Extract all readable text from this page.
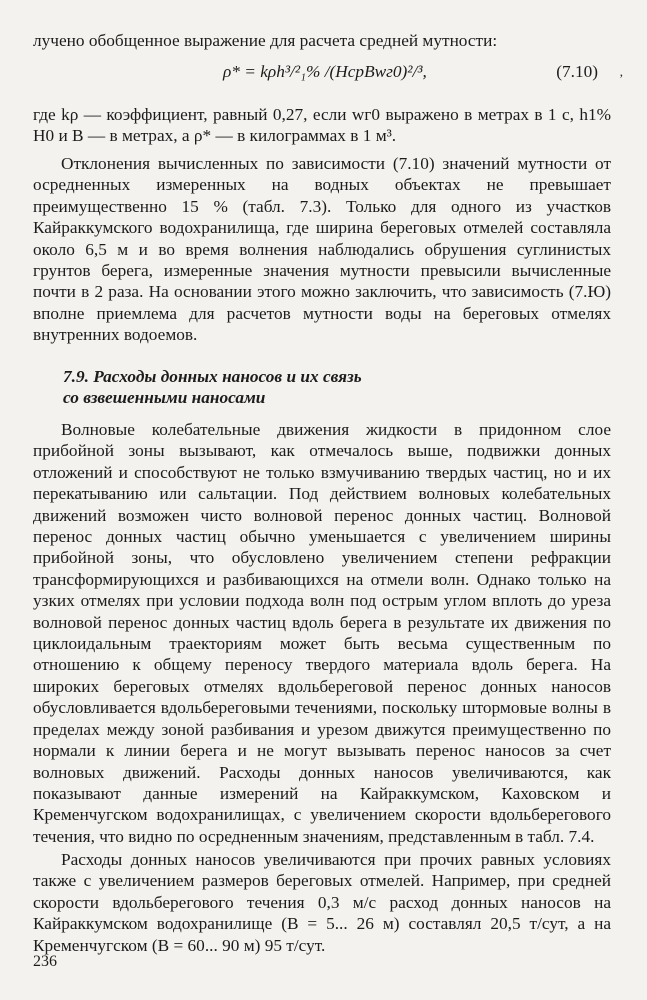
лучено обобщенное выражение для расчета средней мутности:

ρ* = kρh³/²₁% /(HсрBwг0)²/³,	(7.10) ,

где kρ — коэффициент, равный 0,27, если wг0 выражено в метрах в 1 с, h1% H0 и B — в метрах, а ρ* — в килограммах в 1 м³.

Отклонения вычисленных по зависимости (7.10) значений мутности от осредненных измеренных на водных объектах не превышает преимущественно 15 % (табл. 7.3). Только для одного из участков Кайраккумского водохранилища, где ширина береговых отмелей составляла около 6,5 м и во время волнения наблюдались обрушения суглинистых грунтов берега, измеренные значения мутности превысили вычисленные почти в 2 раза. На основании этого можно заключить, что зависимость (7.Ю) вполне приемлема для расчетов мутности воды на береговых отмелях внутренних водоемов.

7.9. Расходы донных наносов и их связь
со взвешенными наносами

Волновые колебательные движения жидкости в придонном слое прибойной зоны вызывают, как отмечалось выше, подвижки донных отложений и способствуют не только взмучиванию твердых частиц, но и их перекатыванию или сальтации. Под действием волновых колебательных движений возможен чисто волновой перенос донных частиц. Волновой перенос донных частиц обычно уменьшается с увеличением ширины прибойной зоны, что обусловлено увеличением степени рефракции трансформирующихся и разбивающихся на отмели волн. Однако только на узких отмелях при условии подхода волн под острым углом вплоть до уреза волновой перенос донных частиц вдоль берега в результате их движения по циклоидальным траекториям может быть весьма существенным по отношению к общему переносу твердого материала вдоль берега. На широких береговых отмелях вдольбереговой перенос донных наносов обусловливается вдольбереговыми течениями, поскольку штормовые волны в пределах между зоной разбивания и урезом движутся преимущественно по нормали к линии берега и не могут вызывать перенос наносов за счет волновых движений. Расходы донных наносов увеличиваются, как показывают данные измерений на Кайраккумском, Каховском и Кременчугском водохранилищах, с увеличением скорости вдольберегового течения, что видно по осредненным значениям, представленным в табл. 7.4.

Расходы донных наносов увеличиваются при прочих равных условиях также с увеличением размеров береговых отмелей. Например, при средней скорости вдольберегового течения 0,3 м/с расход донных наносов на Кайраккумском водохранилище (B = 5... 26 м) составлял 20,5 т/сут, а на Кременчугском (B = 60... 90 м) 95 т/сут.

236
